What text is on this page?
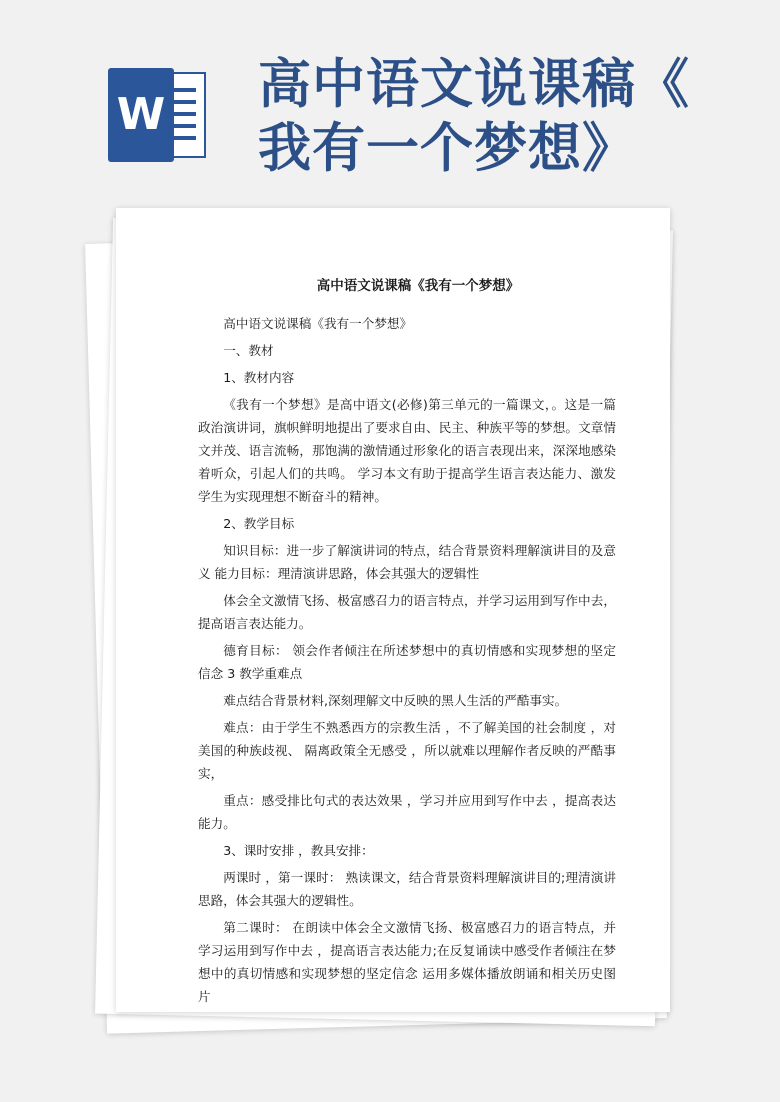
W 高中语文说课稿《
我有一个梦想》
高中语文说课稿《我有一个梦想》

高中语文说课稿《我有一个梦想》

一、教材

1、教材内容

《我有一个梦想》是高中语文(必修)第三单元的一篇课文，。这是一篇政治演讲词，旗帜鲜明地提出了要求自由、民主、种族平等的梦想。文章情文并茂、语言流畅，那饱满的激情通过形象化的语言表现出来，深深地感染着听众，引起人们的共鸣。 学习本文有助于提高学生语言表达能力、激发学生为实现理想不断奋斗的精神。

2、教学目标

知识目标：进一步了解演讲词的特点，结合背景资料理解演讲目的及意义 能力目标：理清演讲思路，体会其强大的逻辑性

体会全文激情飞扬、极富感召力的语言特点，并学习运用到写作中去，提高语言表达能力。

德育目标： 领会作者倾注在所述梦想中的真切情感和实现梦想的坚定信念 3 教学重难点

难点结合背景材料,深刻理解文中反映的黑人生活的严酷事实。

难点：由于学生不熟悉西方的宗教生活 ，不了解美国的社会制度 ，对美国的种族歧视、 隔离政策全无感受 ，所以就难以理解作者反映的严酷事实，

重点：感受排比句式的表达效果 ，学习并应用到写作中去 ，提高表达能力。

3、课时安排 ，教具安排：

两课时 ，第一课时： 熟读课文，结合背景资料理解演讲目的;理清演讲思路，体会其强大的逻辑性。

第二课时： 在朗读中体会全文激情飞扬、极富感召力的语言特点，并学习运用到写作中去 ，提高语言表达能力;在反复诵读中感受作者倾注在梦想中的真切情感和实现梦想的坚定信念 运用多媒体播放朗诵和相关历史图片
